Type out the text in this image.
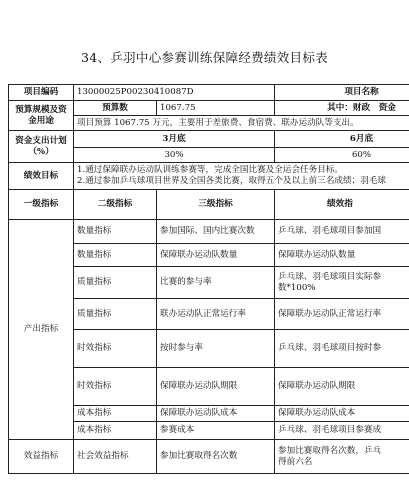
34、乒羽中心参赛训练保障经费绩效目标表
项目编码	13000025P00230410087D		项目名称
预算规模及资金用途	预算数	1067.75	其中：财政　资金
	项目预算 1067.75 万元，主要用于差旅费、食宿费、联办运动队等支出。		
资金支出计划（%）	3月底		6月底
	30%		60%
绩效目标	1.通过保障联办运动队训练参赛等，完成全国比赛及全运会任务目标。
2.通过参加乒乓球项目世界及全国各类比赛，取得五个及以上前三名成绩；羽毛球		

一级指标	二级指标	三级指标	绩效指
产出指标	数量指标	参加国际、国内比赛次数	乒乓球、羽毛球项目参加国
	数量指标	保障联办运动队数量	保障联办运动队数量
	质量指标	比赛的参与率	乒乓球、羽毛球项目实际参
数*100%

	质量指标	联办运动队正常运行率	保障联办运动队正常运行率
	时效指标	按时参与率	乒乓球、羽毛球项目按时参
	时效指标	保障联办运动队期限	保障联办运动队期限
	成本指标	保障联办运动队成本	保障联办运动队成本
	成本指标	参赛成本	乒乓球、羽毛球项目参赛成
效益指标	社会效益指标	参加比赛取得名次数	参加比赛取得名次数，乒乓
得前六名
